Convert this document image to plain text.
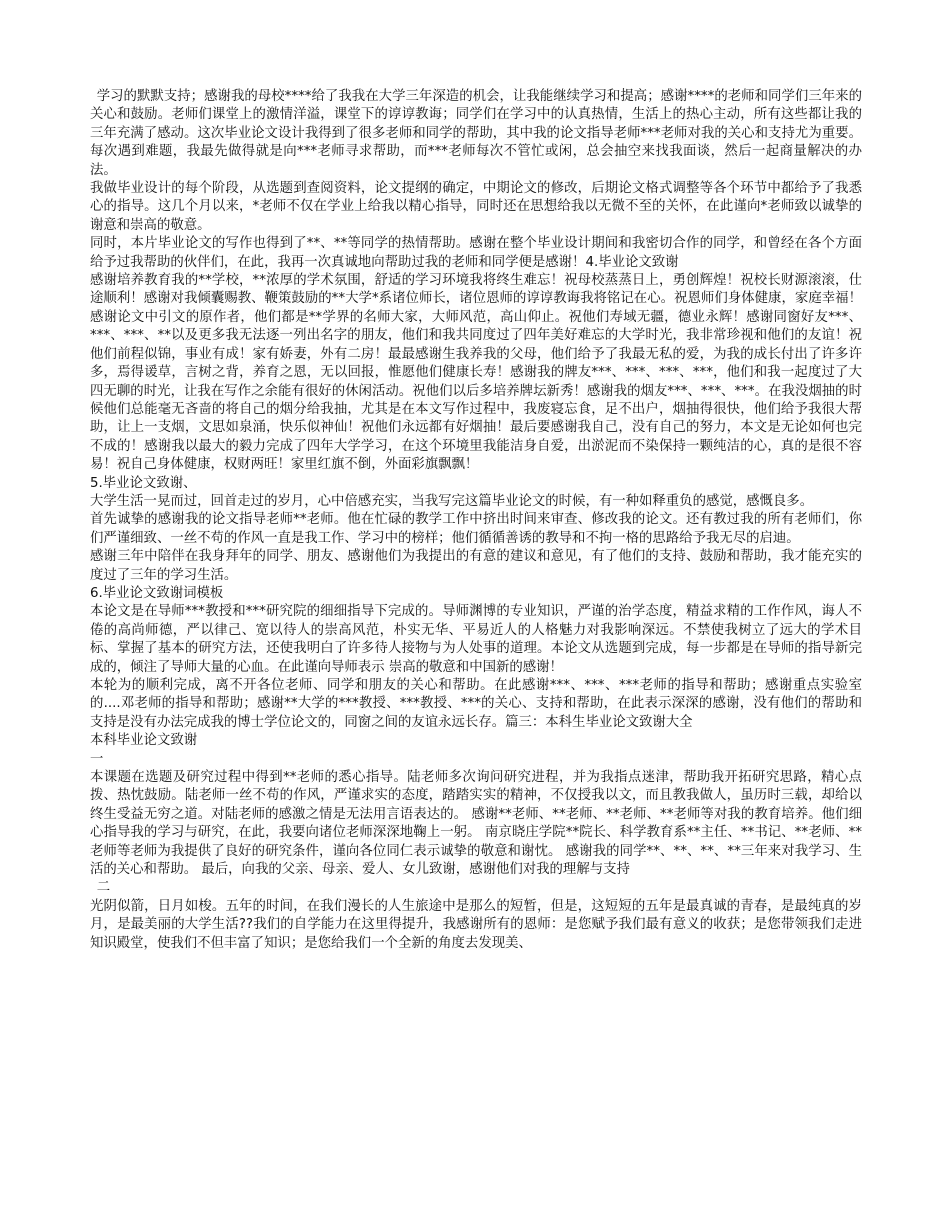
学习的默默支持；感谢我的母校****给了我我在大学三年深造的机会，让我能继续学习和提高；感谢****的老师和同学们三年来的关心和鼓励。老师们课堂上的激情洋溢，课堂下的谆谆教诲；同学们在学习中的认真热情，生活上的热心主动，所有这些都让我的三年充满了感动。这次毕业论文设计我得到了很多老师和同学的帮助，其中我的论文指导老师***老师对我的关心和支持尤为重要。每次遇到难题，我最先做得就是向***老师寻求帮助，而***老师每次不管忙或闲，总会抽空来找我面谈，然后一起商量解决的办法。

我做毕业设计的每个阶段，从选题到查阅资料，论文提纲的确定，中期论文的修改，后期论文格式调整等各个环节中都给予了我悉心的指导。这几个月以来，*老师不仅在学业上给我以精心指导，同时还在思想给我以无微不至的关怀，在此谨向*老师致以诚挚的谢意和崇高的敬意。

同时，本片毕业论文的写作也得到了**、**等同学的热情帮助。感谢在整个毕业设计期间和我密切合作的同学，和曾经在各个方面给予过我帮助的伙伴们，在此，我再一次真诚地向帮助过我的老师和同学便是感谢！4.毕业论文致谢

感谢培养教育我的**学校，**浓厚的学术氛围，舒适的学习环境我将终生难忘！祝母校蒸蒸日上，勇创辉煌！祝校长财源滚滚，仕途顺利！感谢对我倾囊赐教、鞭策鼓励的**大学*系诸位师长，诸位恩师的谆谆教诲我将铭记在心。祝恩师们身体健康，家庭幸福！感谢论文中引文的原作者，他们都是**学界的名师大家，大师风范，高山仰止。祝他们寿域无疆，德业永辉！感谢同窗好友***、***、***、**以及更多我无法逐一列出名字的朋友，他们和我共同度过了四年美好难忘的大学时光，我非常珍视和他们的友谊！祝他们前程似锦，事业有成！家有娇妻，外有二房！最最感谢生我养我的父母，他们给予了我最无私的爱，为我的成长付出了许多许多，焉得谖草，言树之背，养育之恩，无以回报，惟愿他们健康长寿！感谢我的牌友***、***、***、***，他们和我一起度过了大四无聊的时光，让我在写作之余能有很好的休闲活动。祝他们以后多培养牌坛新秀！感谢我的烟友***、***、***。在我没烟抽的时候他们总能毫无吝啬的将自己的烟分给我抽，尤其是在本文写作过程中，我废寝忘食，足不出户，烟抽得很快，他们给予我很大帮助，让上一支烟，文思如泉涌，快乐似神仙！祝他们永远都有好烟抽！最后要感谢我自己，没有自己的努力，本文是无论如何也完不成的！感谢我以最大的毅力完成了四年大学学习，在这个环境里我能洁身自爱，出淤泥而不染保持一颗纯洁的心，真的是很不容易！祝自己身体健康，权财两旺！家里红旗不倒，外面彩旗飘飘！

5.毕业论文致谢、

大学生活一晃而过，回首走过的岁月，心中倍感充实，当我写完这篇毕业论文的时候，有一种如释重负的感觉，感慨良多。

首先诚挚的感谢我的论文指导老师**老师。他在忙碌的教学工作中挤出时间来审查、修改我的论文。还有教过我的所有老师们，你们严谨细致、一丝不苟的作风一直是我工作、学习中的榜样；他们循循善诱的教导和不拘一格的思路给予我无尽的启迪。

感谢三年中陪伴在我身拜年的同学、朋友、感谢他们为我提出的有意的建议和意见，有了他们的支持、鼓励和帮助，我才能充实的度过了三年的学习生活。

6.毕业论文致谢词模板

本论文是在导师***教授和***研究院的细细指导下完成的。导师渊博的专业知识，严谨的治学态度，精益求精的工作作风，诲人不倦的高尚师德，严以律己、宽以待人的崇高风范，朴实无华、平易近人的人格魅力对我影响深远。不禁使我树立了远大的学术目标、掌握了基本的研究方法，还使我明白了许多待人接物与为人处事的道理。本论文从选题到完成，每一步都是在导师的指导新完成的，倾注了导师大量的心血。在此谨向导师表示 崇高的敬意和中国新的感谢！

本轮为的顺利完成，离不开各位老师、同学和朋友的关心和帮助。在此感谢***、***、***老师的指导和帮助；感谢重点实验室的....邓老师的指导和帮助；感谢**大学的***教授、***教授、***的关心、支持和帮助，在此表示深深的感谢，没有他们的帮助和支持是没有办法完成我的博士学位论文的，同窗之间的友谊永远长存。篇三：本科生毕业论文致谢大全

本科毕业论文致谢

一

本课题在选题及研究过程中得到**老师的悉心指导。陆老师多次询问研究进程，并为我指点迷津，帮助我开拓研究思路，精心点拨、热忱鼓励。陆老师一丝不苟的作风，严谨求实的态度，踏踏实实的精神，不仅授我以文，而且教我做人，虽历时三载，却给以终生受益无穷之道。对陆老师的感激之情是无法用言语表达的。 感谢**老师、**老师、**老师、**老师等对我的教育培养。他们细心指导我的学习与研究，在此，我要向诸位老师深深地鞠上一躬。 南京晓庄学院**院长、科学教育系**主任、**书记、**老师、**老师等老师为我提供了良好的研究条件，谨向各位同仁表示诚挚的敬意和谢忱。 感谢我的同学**、**、**、**三年来对我学习、生活的关心和帮助。 最后，向我的父亲、母亲、爱人、女儿致谢，感谢他们对我的理解与支持

二

光阴似箭，日月如梭。五年的时间，在我们漫长的人生旅途中是那么的短暂，但是，这短短的五年是最真诚的青春，是最纯真的岁月，是最美丽的大学生活??我们的自学能力在这里得提升，我感谢所有的恩师：是您赋予我们最有意义的收获；是您带领我们走进知识殿堂，使我们不但丰富了知识；是您给我们一个全新的角度去发现美、
